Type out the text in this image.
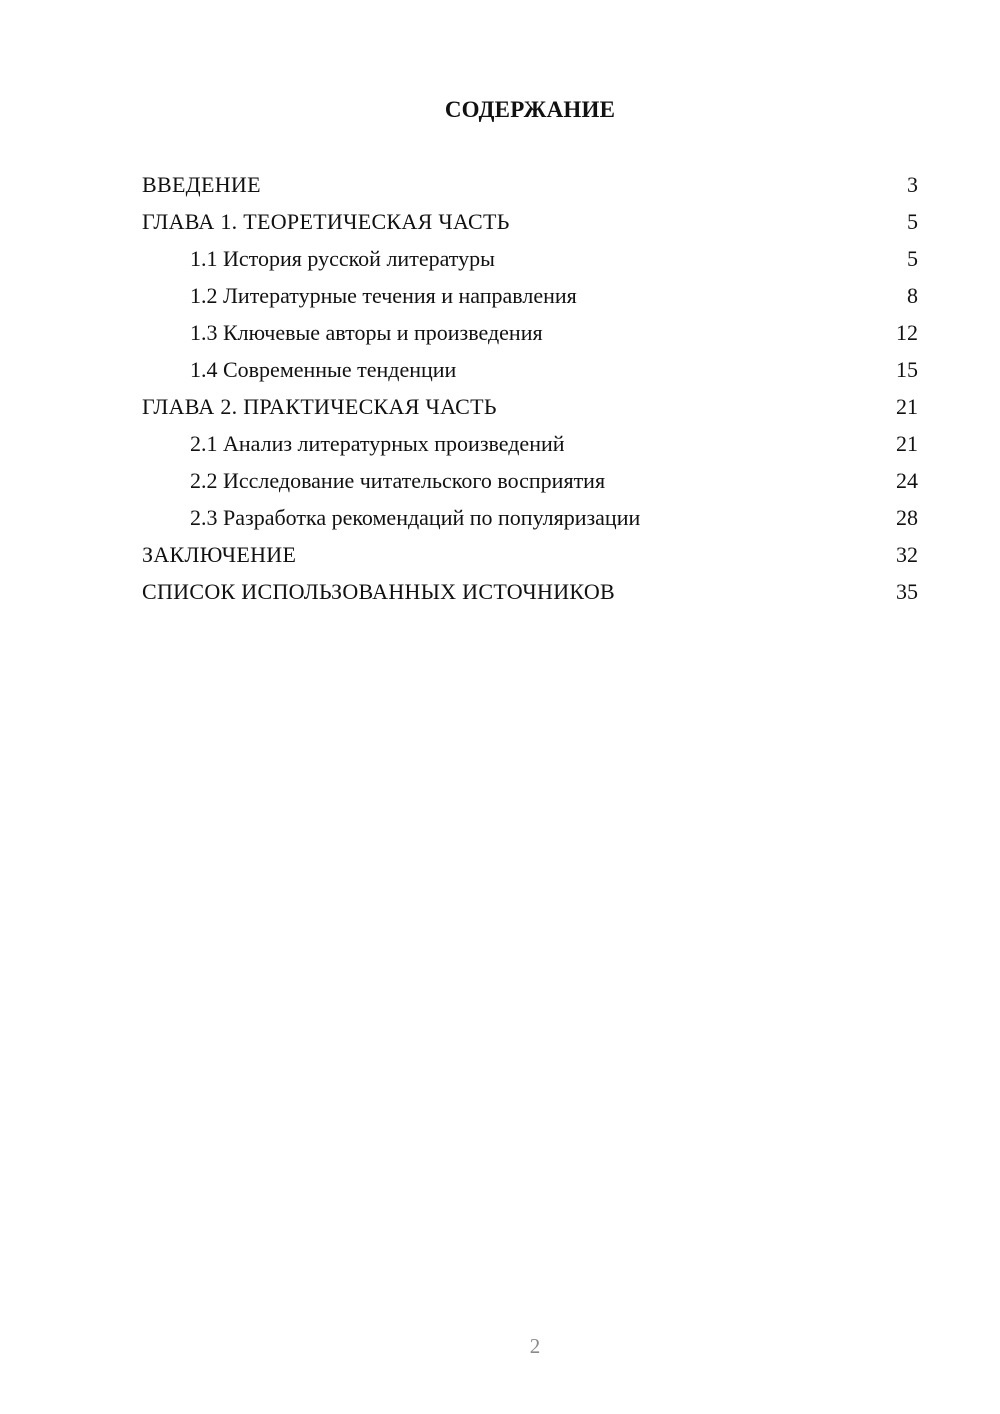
СОДЕРЖАНИЕ
ВВЕДЕНИЕ	3
ГЛАВА 1. ТЕОРЕТИЧЕСКАЯ ЧАСТЬ	5
1.1 История русской литературы	5
1.2 Литературные течения и направления	8
1.3 Ключевые авторы и произведения	12
1.4 Современные тенденции	15
ГЛАВА 2. ПРАКТИЧЕСКАЯ ЧАСТЬ	21
2.1 Анализ литературных произведений	21
2.2 Исследование читательского восприятия	24
2.3 Разработка рекомендаций по популяризации	28
ЗАКЛЮЧЕНИЕ	32
СПИСОК ИСПОЛЬЗОВАННЫХ ИСТОЧНИКОВ	35
2
